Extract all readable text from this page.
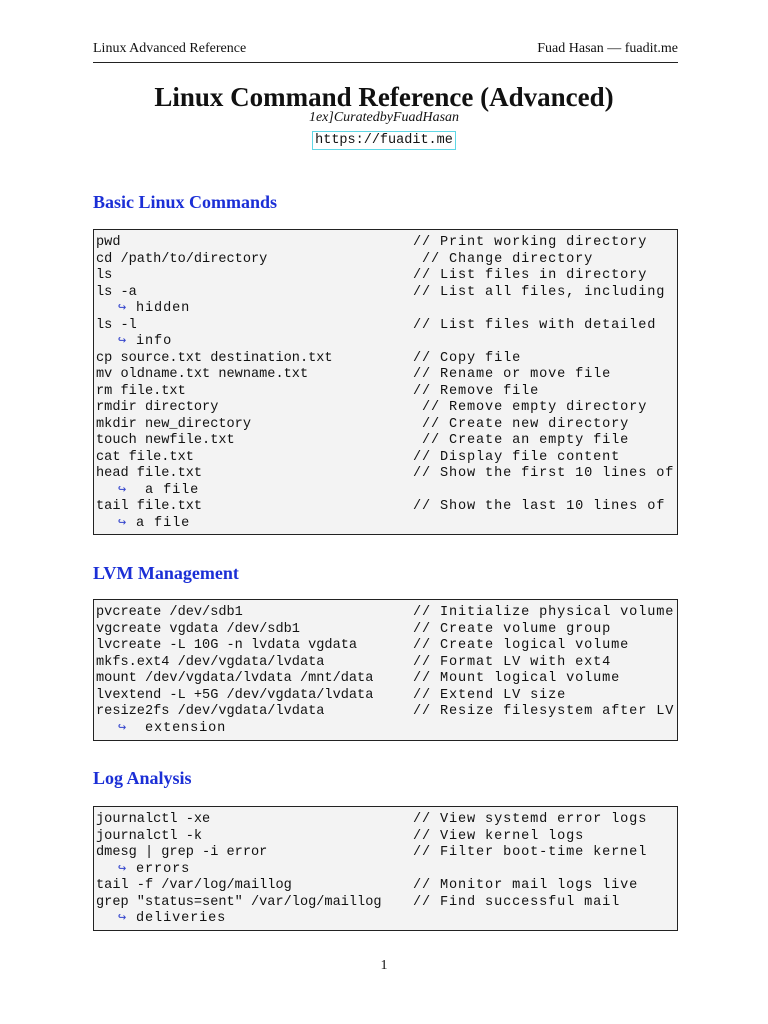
Linux Advanced Reference	Fuad Hasan — fuadit.me
Linux Command Reference (Advanced)
1ex]CuratedbyFuadHasan
https://fuadit.me
Basic Linux Commands
pwd	// Print working directory
cd /path/to/directory	// Change directory
ls	// List files in directory
ls -a	// List all files, including
↪ hidden
ls -l	// List files with detailed
↪ info
cp source.txt destination.txt	// Copy file
mv oldname.txt newname.txt	// Rename or move file
rm file.txt	// Remove file
rmdir directory	// Remove empty directory
mkdir new_directory	// Create new directory
touch newfile.txt	// Create an empty file
cat file.txt	// Display file content
head file.txt	// Show the first 10 lines of
↪ a file
tail file.txt	// Show the last 10 lines of
↪ a file
LVM Management
pvcreate /dev/sdb1	// Initialize physical volume
vgcreate vgdata /dev/sdb1	// Create volume group
lvcreate -L 10G -n lvdata vgdata	// Create logical volume
mkfs.ext4 /dev/vgdata/lvdata	// Format LV with ext4
mount /dev/vgdata/lvdata /mnt/data	// Mount logical volume
lvextend -L +5G /dev/vgdata/lvdata	// Extend LV size
resize2fs /dev/vgdata/lvdata	// Resize filesystem after LV
↪ extension
Log Analysis
journalctl -xe	// View systemd error logs
journalctl -k	// View kernel logs
dmesg | grep -i error	// Filter boot-time kernel
↪ errors
tail -f /var/log/maillog	// Monitor mail logs live
grep "status=sent" /var/log/maillog // Find successful mail
↪ deliveries
1
